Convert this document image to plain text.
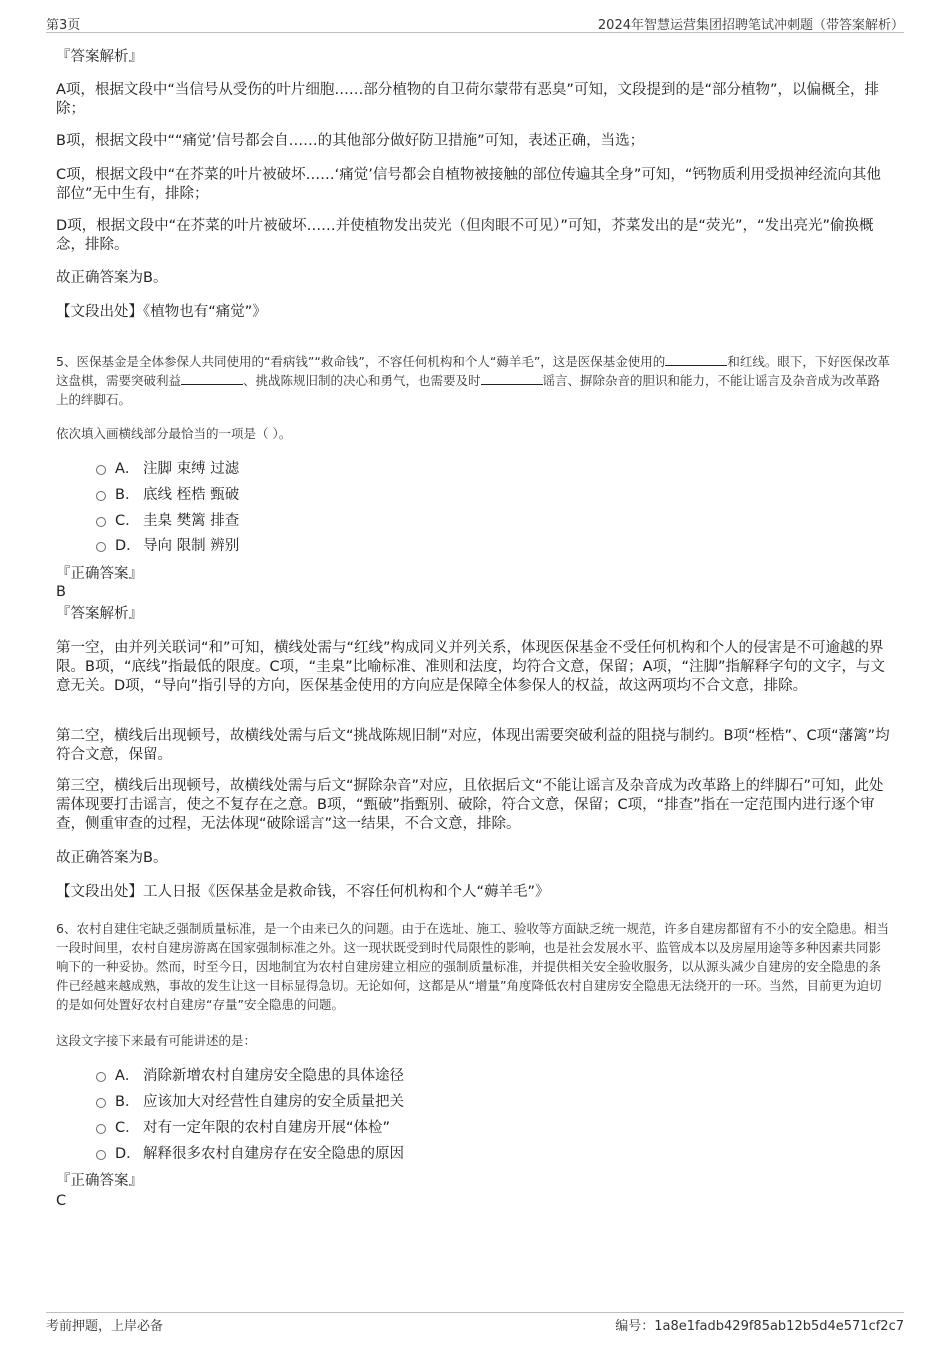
第3页	2024年智慧运营集团招聘笔试冲刺题（带答案解析）

『答案解析』

A项，根据文段中“当信号从受伤的叶片细胞……部分植物的自卫荷尔蒙带有恶臭”可知，文段提到的是“部分植物”，以偏概全，排除；

B项，根据文段中““痛觉’信号都会自……的其他部分做好防卫措施”可知，表述正确，当选；

C项，根据文段中“在芥菜的叶片被破坏……‘痛觉’信号都会自植物被接触的部位传遍其全身”可知，“钙物质利用受损神经流向其他部位”无中生有，排除；

D项，根据文段中“在芥菜的叶片被破坏……并使植物发出荧光（但肉眼不可见）”可知，芥菜发出的是“荧光”，“发出亮光”偷换概念，排除。

故正确答案为B。

【文段出处】《植物也有“痛觉”》

5、医保基金是全体参保人共同使用的“看病钱”“救命钱”，不容任何机构和个人“薅羊毛”，这是医保基金使用的	和红线。眼下，下好医保改革这盘棋，需要突破利益	、挑战陈规旧制的决心和勇气，也需要及时	谣言、摒除杂音的胆识和能力，不能让谣言及杂音成为改革路上的绊脚石。

依次填入画横线部分最恰当的一项是（ ）。

A． 注脚 束缚 过滤
B． 底线 桎梏 甄破
C． 圭臬 樊篱 排查
D． 导向 限制 辨别

『正确答案』

B

『答案解析』

第一空，由并列关联词“和”可知，横线处需与“红线”构成同义并列关系，体现医保基金不受任何机构和个人的侵害是不可逾越的界限。B项，“底线”指最低的限度。C项，“圭臬”比喻标准、准则和法度，均符合文意，保留；A项，“注脚”指解释字句的文字，与文意无关。D项，“导向”指引导的方向，医保基金使用的方向应是保障全体参保人的权益，故这两项均不合文意，排除。

第二空，横线后出现顿号，故横线处需与后文“挑战陈规旧制”对应，体现出需要突破利益的阻挠与制约。B项“桎梏”、C项“藩篱”均符合文意，保留。

第三空，横线后出现顿号，故横线处需与后文“摒除杂音”对应，且依据后文“不能让谣言及杂音成为改革路上的绊脚石”可知，此处需体现要打击谣言，使之不复存在之意。B项，“甄破”指甄别、破除，符合文意，保留；C项，“排查”指在一定范围内进行逐个审查，侧重审查的过程，无法体现“破除谣言”这一结果，不合文意，排除。

故正确答案为B。

【文段出处】工人日报《医保基金是救命钱，不容任何机构和个人“薅羊毛”》

6、农村自建住宅缺乏强制质量标准，是一个由来已久的问题。由于在选址、施工、验收等方面缺乏统一规范，许多自建房都留有不小的安全隐患。相当一段时间里，农村自建房游离在国家强制标准之外。这一现状既受到时代局限性的影响，也是社会发展水平、监管成本以及房屋用途等多种因素共同影响下的一种妥协。然而，时至今日，因地制宜为农村自建房建立相应的强制质量标准，并提供相关安全验收服务，以从源头减少自建房的安全隐患的条件已经越来越成熟，事故的发生让这一目标显得急切。无论如何，这都是从“增量”角度降低农村自建房安全隐患无法绕开的一环。当然，目前更为迫切的是如何处置好农村自建房“存量”安全隐患的问题。

这段文字接下来最有可能讲述的是：

A． 消除新增农村自建房安全隐患的具体途径
B． 应该加大对经营性自建房的安全质量把关
C． 对有一定年限的农村自建房开展“体检”
D． 解释很多农村自建房存在安全隐患的原因

『正确答案』

C

考前押题，上岸必备	编号：1a8e1fadb429f85ab12b5d4e571cf2c7
